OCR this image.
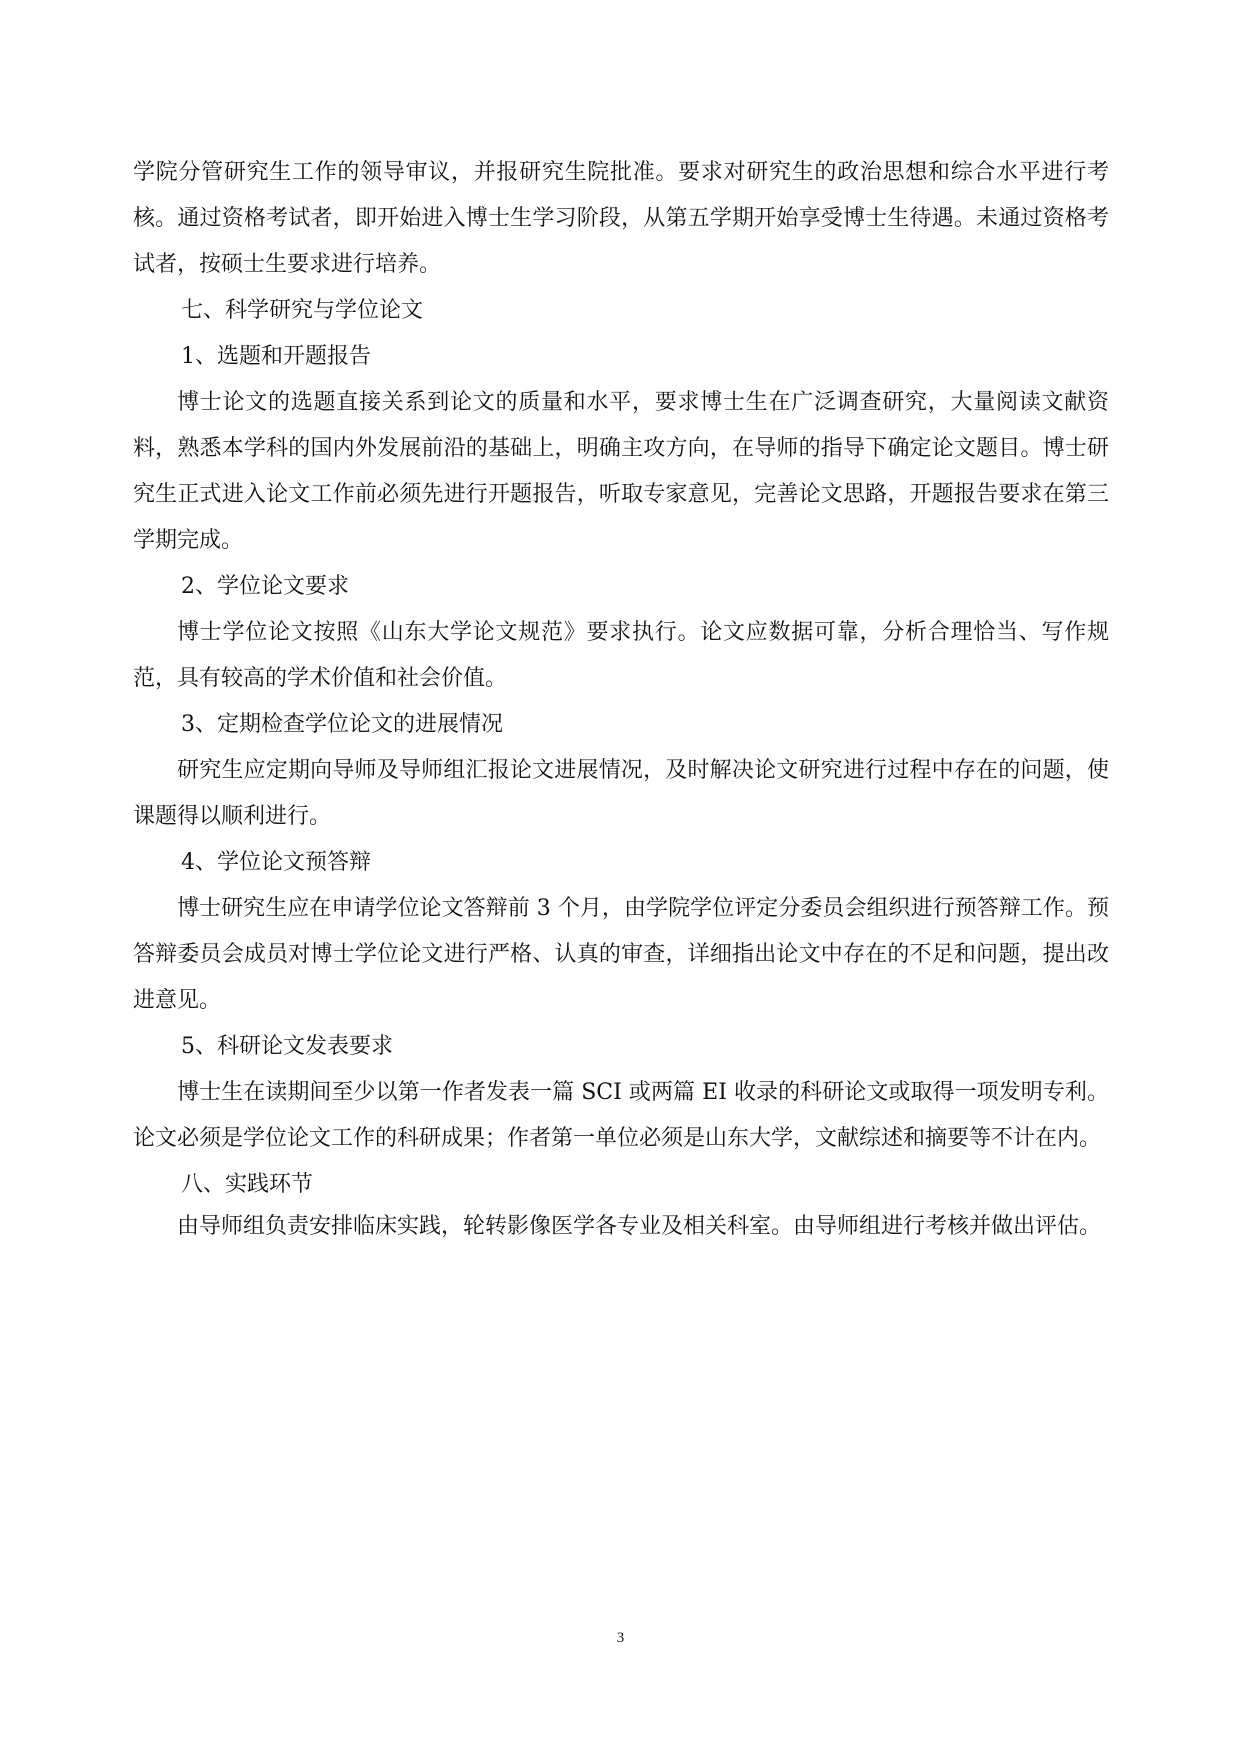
学院分管研究生工作的领导审议，并报研究生院批准。要求对研究生的政治思想和综合水平进行考核。通过资格考试者，即开始进入博士生学习阶段，从第五学期开始享受博士生待遇。未通过资格考试者，按硕士生要求进行培养。

七、科学研究与学位论文
1、选题和开题报告

博士论文的选题直接关系到论文的质量和水平，要求博士生在广泛调查研究，大量阅读文献资料，熟悉本学科的国内外发展前沿的基础上，明确主攻方向，在导师的指导下确定论文题目。博士研究生正式进入论文工作前必须先进行开题报告，听取专家意见，完善论文思路，开题报告要求在第三学期完成。

2、学位论文要求

博士学位论文按照《山东大学论文规范》要求执行。论文应数据可靠，分析合理恰当、写作规范，具有较高的学术价值和社会价值。

3、定期检查学位论文的进展情况

研究生应定期向导师及导师组汇报论文进展情况，及时解决论文研究进行过程中存在的问题，使课题得以顺利进行。

4、学位论文预答辩

博士研究生应在申请学位论文答辩前 3 个月，由学院学位评定分委员会组织进行预答辩工作。预答辩委员会成员对博士学位论文进行严格、认真的审查，详细指出论文中存在的不足和问题，提出改进意见。

5、科研论文发表要求

博士生在读期间至少以第一作者发表一篇 SCI 或两篇 EI 收录的科研论文或取得一项发明专利。论文必须是学位论文工作的科研成果；作者第一单位必须是山东大学，文献综述和摘要等不计在内。

八、实践环节

由导师组负责安排临床实践，轮转影像医学各专业及相关科室。由导师组进行考核并做出评估。

3
